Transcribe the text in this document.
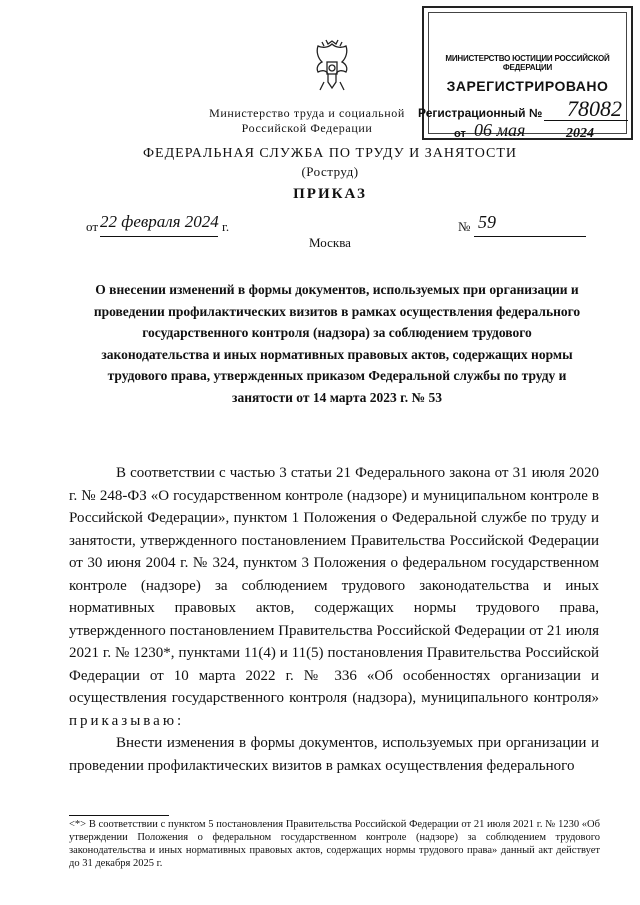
Министерство труда и социальной
Российской Федерации
МИНИСТЕРСТВО ЮСТИЦИИ РОССИЙСКОЙ ФЕДЕРАЦИИ
ЗАРЕГИСТРИРОВАНО
Регистрационный № 78082
от 06 мая	2024
ФЕДЕРАЛЬНАЯ СЛУЖБА ПО ТРУДУ И ЗАНЯТОСТИ
(Роструд)
ПРИКАЗ
от 22 февраля 2024 г.	№ 59
Москва
О внесении изменений в формы документов, используемых при организации и проведении профилактических визитов в рамках осуществления федерального государственного контроля (надзора) за соблюдением трудового законодательства и иных нормативных правовых актов, содержащих нормы трудового права, утвержденных приказом Федеральной службы по труду и занятости от 14 марта 2023 г. № 53

В соответствии с частью 3 статьи 21 Федерального закона от 31 июля 2020 г. № 248-ФЗ «О государственном контроле (надзоре) и муниципальном контроле в Российской Федерации», пунктом 1 Положения о Федеральной службе по труду и занятости, утвержденного постановлением Правительства Российской Федерации от 30 июня 2004 г. № 324, пунктом 3 Положения о федеральном государственном контроле (надзоре) за соблюдением трудового законодательства и иных нормативных правовых актов, содержащих нормы трудового права, утвержденного постановлением Правительства Российской Федерации от 21 июля 2021 г. № 1230*, пунктами 11(4) и 11(5) постановления Правительства Российской Федерации от 10 марта 2022 г. № 336 «Об особенностях организации и осуществления государственного контроля (надзора), муниципального контроля» приказываю:

Внести изменения в формы документов, используемых при организации и проведении профилактических визитов в рамках осуществления федерального

<*> В соответствии с пунктом 5 постановления Правительства Российской Федерации от 21 июля 2021 г. № 1230 «Об утверждении Положения о федеральном государственном контроле (надзоре) за соблюдением трудового законодательства и иных нормативных правовых актов, содержащих нормы трудового права» данный акт действует до 31 декабря 2025 г.
